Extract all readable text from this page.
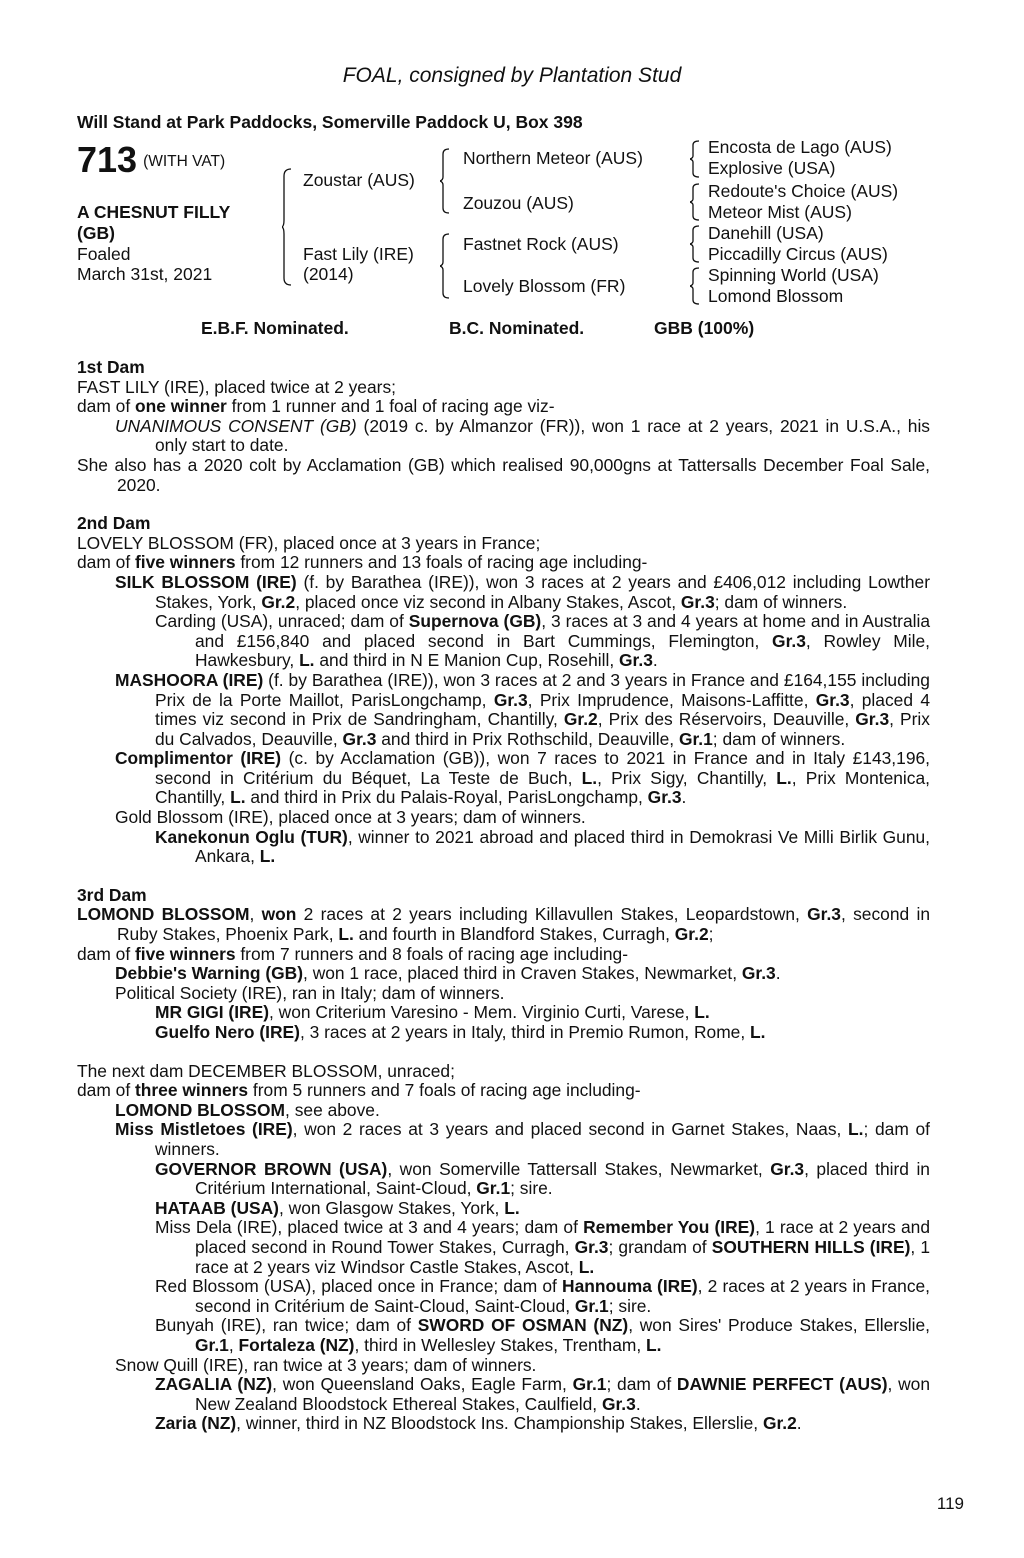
FOAL, consigned by Plantation Stud
Will Stand at Park Paddocks, Somerville Paddock U, Box 398
713 (WITH VAT)
A CHESNUT FILLY
(GB)
Foaled
March 31st, 2021
Zoustar (AUS)
Fast Lily (IRE)
(2014)
Northern Meteor (AUS)
Zouzou (AUS)
Fastnet Rock (AUS)
Lovely Blossom (FR)
Encosta de Lago (AUS)
Explosive (USA)
Redoute's Choice (AUS)
Meteor Mist (AUS)
Danehill (USA)
Piccadilly Circus (AUS)
Spinning World (USA)
Lomond Blossom
E.B.F. Nominated.	B.C. Nominated.	GBB (100%)
1st Dam
FAST LILY (IRE), placed twice at 2 years;
dam of one winner from 1 runner and 1 foal of racing age viz-
UNANIMOUS CONSENT (GB) (2019 c. by Almanzor (FR)), won 1 race at 2 years, 2021 in U.S.A., his only start to date.
She also has a 2020 colt by Acclamation (GB) which realised 90,000gns at Tattersalls December Foal Sale, 2020.
2nd Dam
LOVELY BLOSSOM (FR), placed once at 3 years in France;
dam of five winners from 12 runners and 13 foals of racing age including-
SILK BLOSSOM (IRE) (f. by Barathea (IRE)), won 3 races at 2 years and £406,012 including Lowther Stakes, York, Gr.2, placed once viz second in Albany Stakes, Ascot, Gr.3; dam of winners.
Carding (USA), unraced; dam of Supernova (GB), 3 races at 3 and 4 years at home and in Australia and £156,840 and placed second in Bart Cummings, Flemington, Gr.3, Rowley Mile, Hawkesbury, L. and third in N E Manion Cup, Rosehill, Gr.3.
MASHOORA (IRE) (f. by Barathea (IRE)), won 3 races at 2 and 3 years in France and £164,155 including Prix de la Porte Maillot, ParisLongchamp, Gr.3, Prix Imprudence, Maisons-Laffitte, Gr.3, placed 4 times viz second in Prix de Sandringham, Chantilly, Gr.2, Prix des Réservoirs, Deauville, Gr.3, Prix du Calvados, Deauville, Gr.3 and third in Prix Rothschild, Deauville, Gr.1; dam of winners.
Complimentor (IRE) (c. by Acclamation (GB)), won 7 races to 2021 in France and in Italy £143,196, second in Critérium du Béquet, La Teste de Buch, L., Prix Sigy, Chantilly, L., Prix Montenica, Chantilly, L. and third in Prix du Palais-Royal, ParisLongchamp, Gr.3.
Gold Blossom (IRE), placed once at 3 years; dam of winners.
Kanekonun Oglu (TUR), winner to 2021 abroad and placed third in Demokrasi Ve Milli Birlik Gunu, Ankara, L.
3rd Dam
LOMOND BLOSSOM, won 2 races at 2 years including Killavullen Stakes, Leopardstown, Gr.3, second in Ruby Stakes, Phoenix Park, L. and fourth in Blandford Stakes, Curragh, Gr.2;
dam of five winners from 7 runners and 8 foals of racing age including-
Debbie's Warning (GB), won 1 race, placed third in Craven Stakes, Newmarket, Gr.3.
Political Society (IRE), ran in Italy; dam of winners.
MR GIGI (IRE), won Criterium Varesino - Mem. Virginio Curti, Varese, L.
Guelfo Nero (IRE), 3 races at 2 years in Italy, third in Premio Rumon, Rome, L.
The next dam DECEMBER BLOSSOM, unraced;
dam of three winners from 5 runners and 7 foals of racing age including-
LOMOND BLOSSOM, see above.
Miss Mistletoes (IRE), won 2 races at 3 years and placed second in Garnet Stakes, Naas, L.; dam of winners.
GOVERNOR BROWN (USA), won Somerville Tattersall Stakes, Newmarket, Gr.3, placed third in Critérium International, Saint-Cloud, Gr.1; sire.
HATAAB (USA), won Glasgow Stakes, York, L.
Miss Dela (IRE), placed twice at 3 and 4 years; dam of Remember You (IRE), 1 race at 2 years and placed second in Round Tower Stakes, Curragh, Gr.3; grandam of SOUTHERN HILLS (IRE), 1 race at 2 years viz Windsor Castle Stakes, Ascot, L.
Red Blossom (USA), placed once in France; dam of Hannouma (IRE), 2 races at 2 years in France, second in Critérium de Saint-Cloud, Saint-Cloud, Gr.1; sire.
Bunyah (IRE), ran twice; dam of SWORD OF OSMAN (NZ), won Sires' Produce Stakes, Ellerslie, Gr.1, Fortaleza (NZ), third in Wellesley Stakes, Trentham, L.
Snow Quill (IRE), ran twice at 3 years; dam of winners.
ZAGALIA (NZ), won Queensland Oaks, Eagle Farm, Gr.1; dam of DAWNIE PERFECT (AUS), won New Zealand Bloodstock Ethereal Stakes, Caulfield, Gr.3.
Zaria (NZ), winner, third in NZ Bloodstock Ins. Championship Stakes, Ellerslie, Gr.2.
119
